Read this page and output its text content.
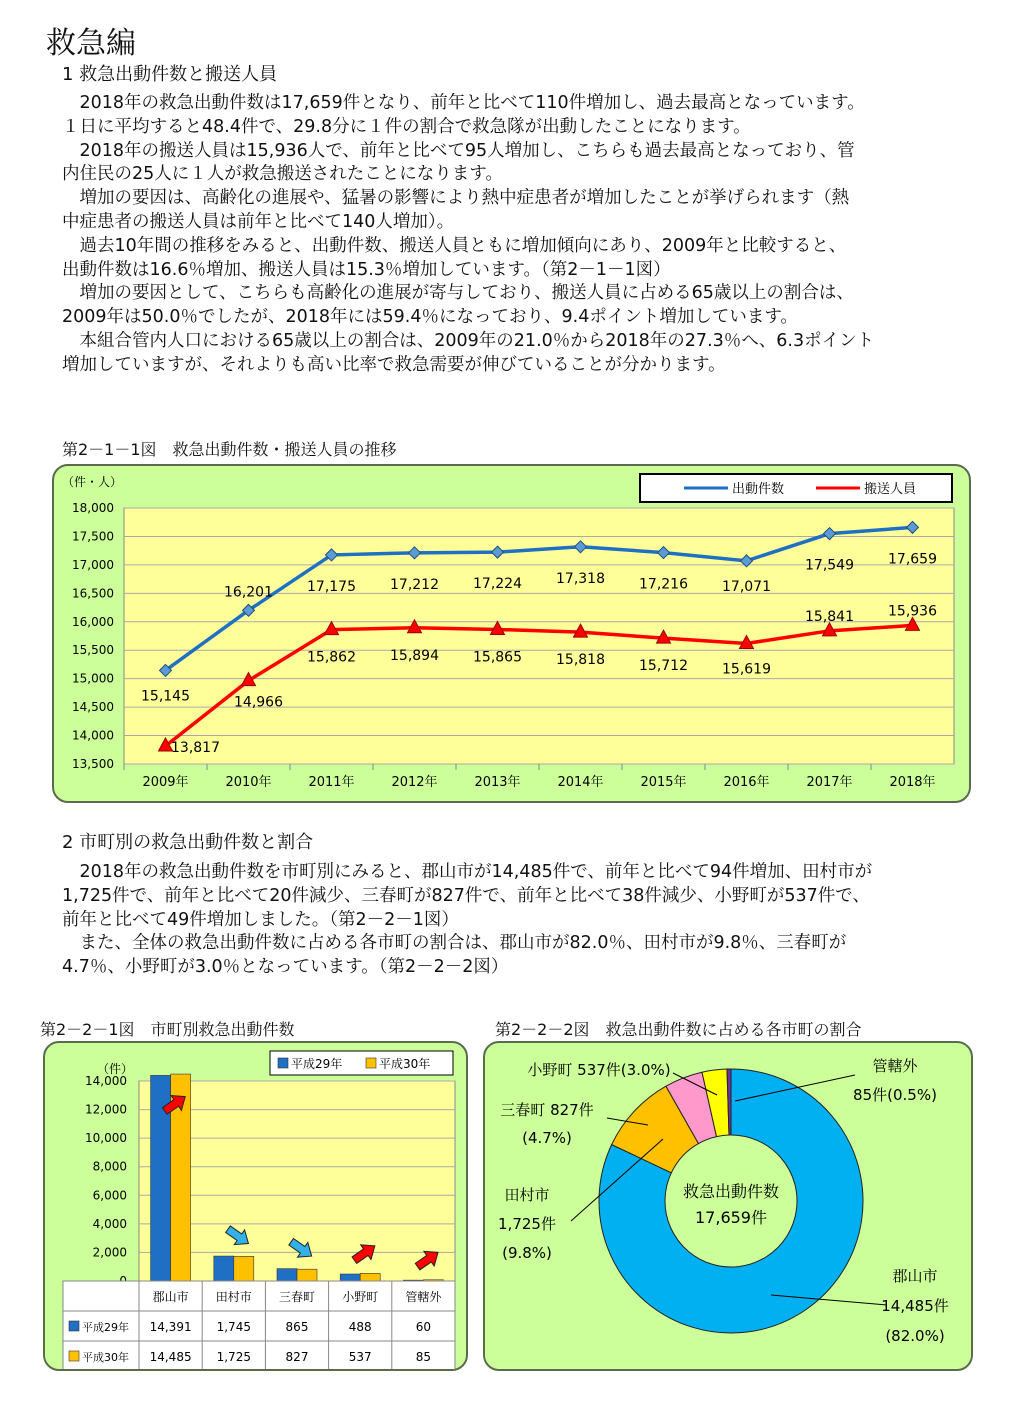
救急編
1 救急出動件数と搬送人員
　2018年の救急出動件数は17,659件となり、前年と比べて110件増加し、過去最高となっています。
１日に平均すると48.4件で、29.8分に１件の割合で救急隊が出動したことになります。
　2018年の搬送人員は15,936人で、前年と比べて95人増加し、こちらも過去最高となっており、管
内住民の25人に１人が救急搬送されたことになります。
　増加の要因は、高齢化の進展や、猛暑の影響により熱中症患者が増加したことが挙げられます（熱
中症患者の搬送人員は前年と比べて140人増加）。
　過去10年間の推移をみると、出動件数、搬送人員ともに増加傾向にあり、2009年と比較すると、
出動件数は16.6％増加、搬送人員は15.3％増加しています。（第2－1－1図）
　増加の要因として、こちらも高齢化の進展が寄与しており、搬送人員に占める65歳以上の割合は、
2009年は50.0％でしたが、2018年には59.4％になっており、9.4ポイント増加しています。
　本組合管内人口における65歳以上の割合は、2009年の21.0％から2018年の27.3％へ、6.3ポイント
増加していますが、それよりも高い比率で救急需要が伸びていることが分かります。
第2－1－1図　救急出動件数・搬送人員の推移
13,500
14,000
14,500
15,000
15,500
16,000
16,500
17,000
17,500
18,000
（件・人）
2009年	2010年	2011年	2012年	2013年	2014年	2015年	2016年	2017年	2018年
15,145
16,201 17,175 17,212 17,224 17,318 17,216 17,071
17,549 17,659
13,817
14,966
15,862 15,894 15,865 15,818 15,712 15,619
15,841 15,936
出動件数	搬送人員
2 市町別の救急出動件数と割合
　2018年の救急出動件数を市町別にみると、郡山市が14,485件で、前年と比べて94件増加、田村市が
1,725件で、前年と比べて20件減少、三春町が827件で、前年と比べて38件減少、小野町が537件で、
前年と比べて49件増加しました。（第2－2－1図）
　また、全体の救急出動件数に占める各市町の割合は、郡山市が82.0％、田村市が9.8％、三春町が
4.7％、小野町が3.0％となっています。（第2－2－2図）
第2－2－1図　市町別救急出動件数	第2－2－2図　救急出動件数に占める各市町の割合
2,000
4,000
6,000
8,000
10,000
12,000
14,000
（件）
郡山市 田村市 三春町 小野町 管轄外
平成29年 14,391 1,745	865	488	60
平成30年 14,485 1,725	827	537	85
平成29年	平成30年
救急出動件数
17,659件
郡山市
14,485件
(82.0%)
田村市
1,725件
(9.8%)
三春町 827件
(4.7%)
小野町 537件(3.0%)	管轄外
85件(0.5%)
